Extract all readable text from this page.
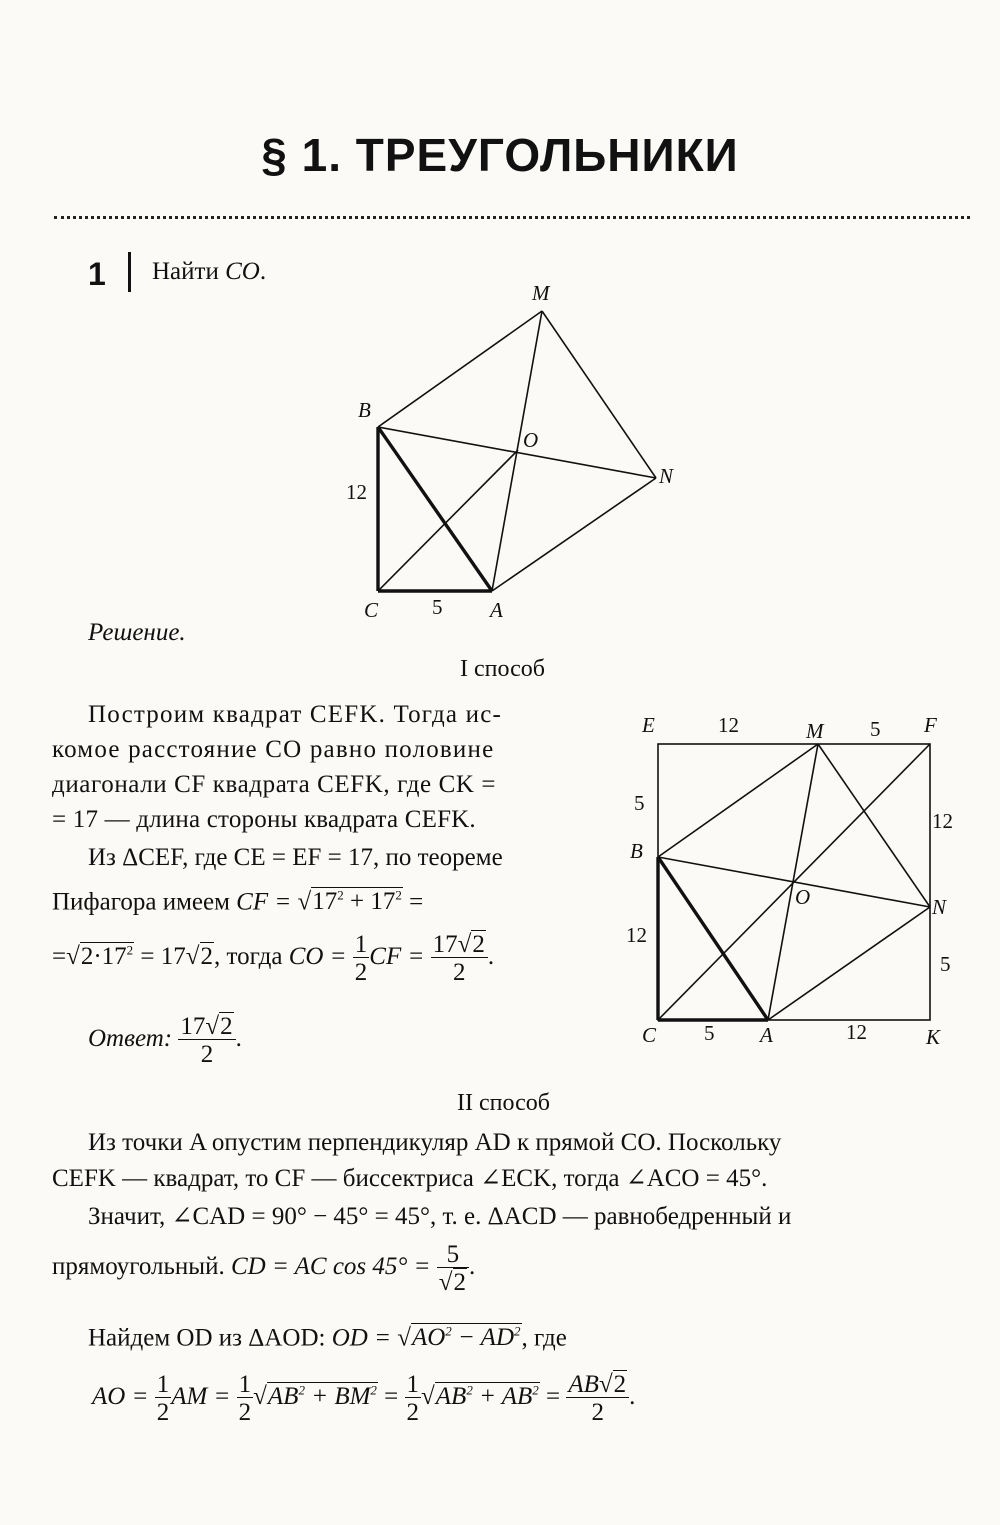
§ 1. ТРЕУГОЛЬНИКИ
1 Найти CO.
M
B
O
N
C	A
12
5
Решение.
I способ
Построим квадрат CEFK. Тогда ис-
комое расстояние CO равно половине
диагонали CF квадрата CEFK, где CK =
= 17 — длина стороны квадрата CEFK.
Из ΔCEF, где CE = EF = 17, по теореме
Пифагора имеем CF = $√17^2 + 17^2$ =
$=√2\cdot 17^2 = 17√2$, тогда CO = $\frac{1}{2}$ CF = $\frac{17√2}{2}$ .
Ответ: $\frac{17√2}{2}$ .
E	M	F
B
O	N
C	A	K
12	5
5
12
12
5
5	12
II способ
Из точки A опустим перпендикуляр AD к прямой CO. Поскольку
CEFK — квадрат, то CF — биссектриса ∠ECK, тогда ∠ACO = 45°.
Значит, ∠CAD = 90° − 45° = 45°, т. е. ΔACD — равнобедренный и
прямоугольный. CD = AC $\cos 45^\circ = \frac{5}{√2}$ .
Найдем OD из ΔAOD: OD = $√AO^2 - AD^2$, где
AO = $\frac{1}{2}$ AM = $\frac{1}{2} √AB^2 + BM^2 = \frac{1}{2} √AB^2 + AB^2 = \frac{AB√2}{2}$ .
